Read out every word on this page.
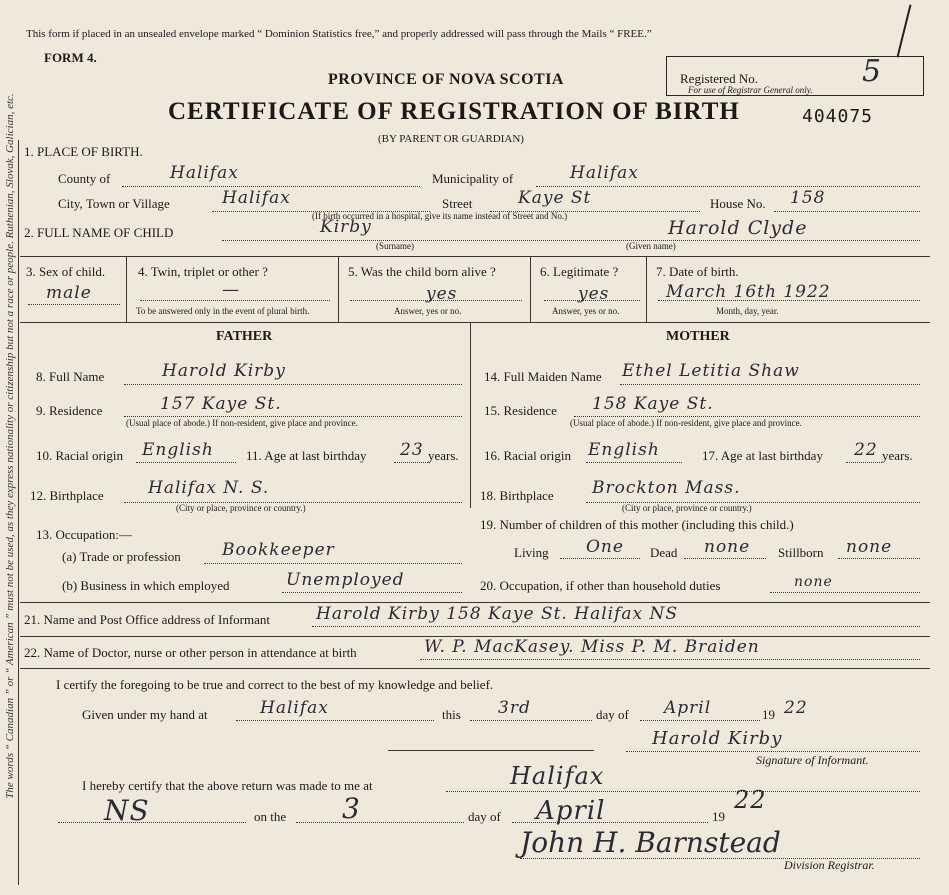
The words “ Canadian ” or “ American ” must not be used, as they express nationality or citizenship but not a race or people. Ruthenian, Slovak, Galician, etc.
This form if placed in an unsealed envelope marked “ Dominion Statistics free,” and properly addressed will pass through the Mails “ FREE.”
FORM 4.
PROVINCE OF NOVA SCOTIA
CERTIFICATE OF REGISTRATION OF BIRTH
(BY PARENT OR GUARDIAN)
404075
Registered No.
For use of Registrar General only.
5
1. PLACE OF BIRTH.
County of	Halifax	Municipality of	Halifax
City, Town or Village	Halifax	Street	Kaye St	House No. 158
(If birth occurred in a hospital, give its name instead of Street and No.)
2. FULL NAME OF CHILD	Kirby
(Surname)
Harold Clyde
(Given name)
3. Sex of child.
male
4. Twin, triplet or other ?
—
To be answered only in the event of plural birth.
5. Was the child born alive ?
yes
Answer, yes or no.
6. Legitimate ?
yes
Answer, yes or no.
7. Date of birth.
March 16th 1922
Month, day, year.
FATHER	MOTHER
8. Full Name	Harold Kirby
9. Residence	157 Kaye St.
(Usual place of abode.) If non-resident, give place and province.
10. Racial origin English 11. Age at last birthday 23 years.
12. Birthplace	Halifax N. S.
(City or place, province or country.)
13. Occupation:—
(a) Trade or profession Bookkeeper
(b) Business in which employed	Unemployed
14. Full Maiden Name Ethel Letitia Shaw
15. Residence 158 Kaye St.
(Usual place of abode.) If non-resident, give place and province.
16. Racial origin English	17. Age at last birthday 22 years.
18. Birthplace Brockton Mass.
(City or place, province or country.)
19. Number of children of this mother (including this child.)
Living One Dead none Stillborn none
20. Occupation, if other than household duties	none
21. Name and Post Office address of Informant	Harold Kirby 158 Kaye St. Halifax NS
22. Name of Doctor, nurse or other person in attendance at birth	W. P. MacKasey. Miss P. M. Braiden
I certify the foregoing to be true and correct to the best of my knowledge and belief.
Given under my hand at	Halifax	this 3rd	day of April	19 22
Harold Kirby
Signature of Informant.
I hereby certify that the above return was made to me at	Halifax
NS	on the 3	day of April	19
22
John H. Barnstead
Division Registrar.
